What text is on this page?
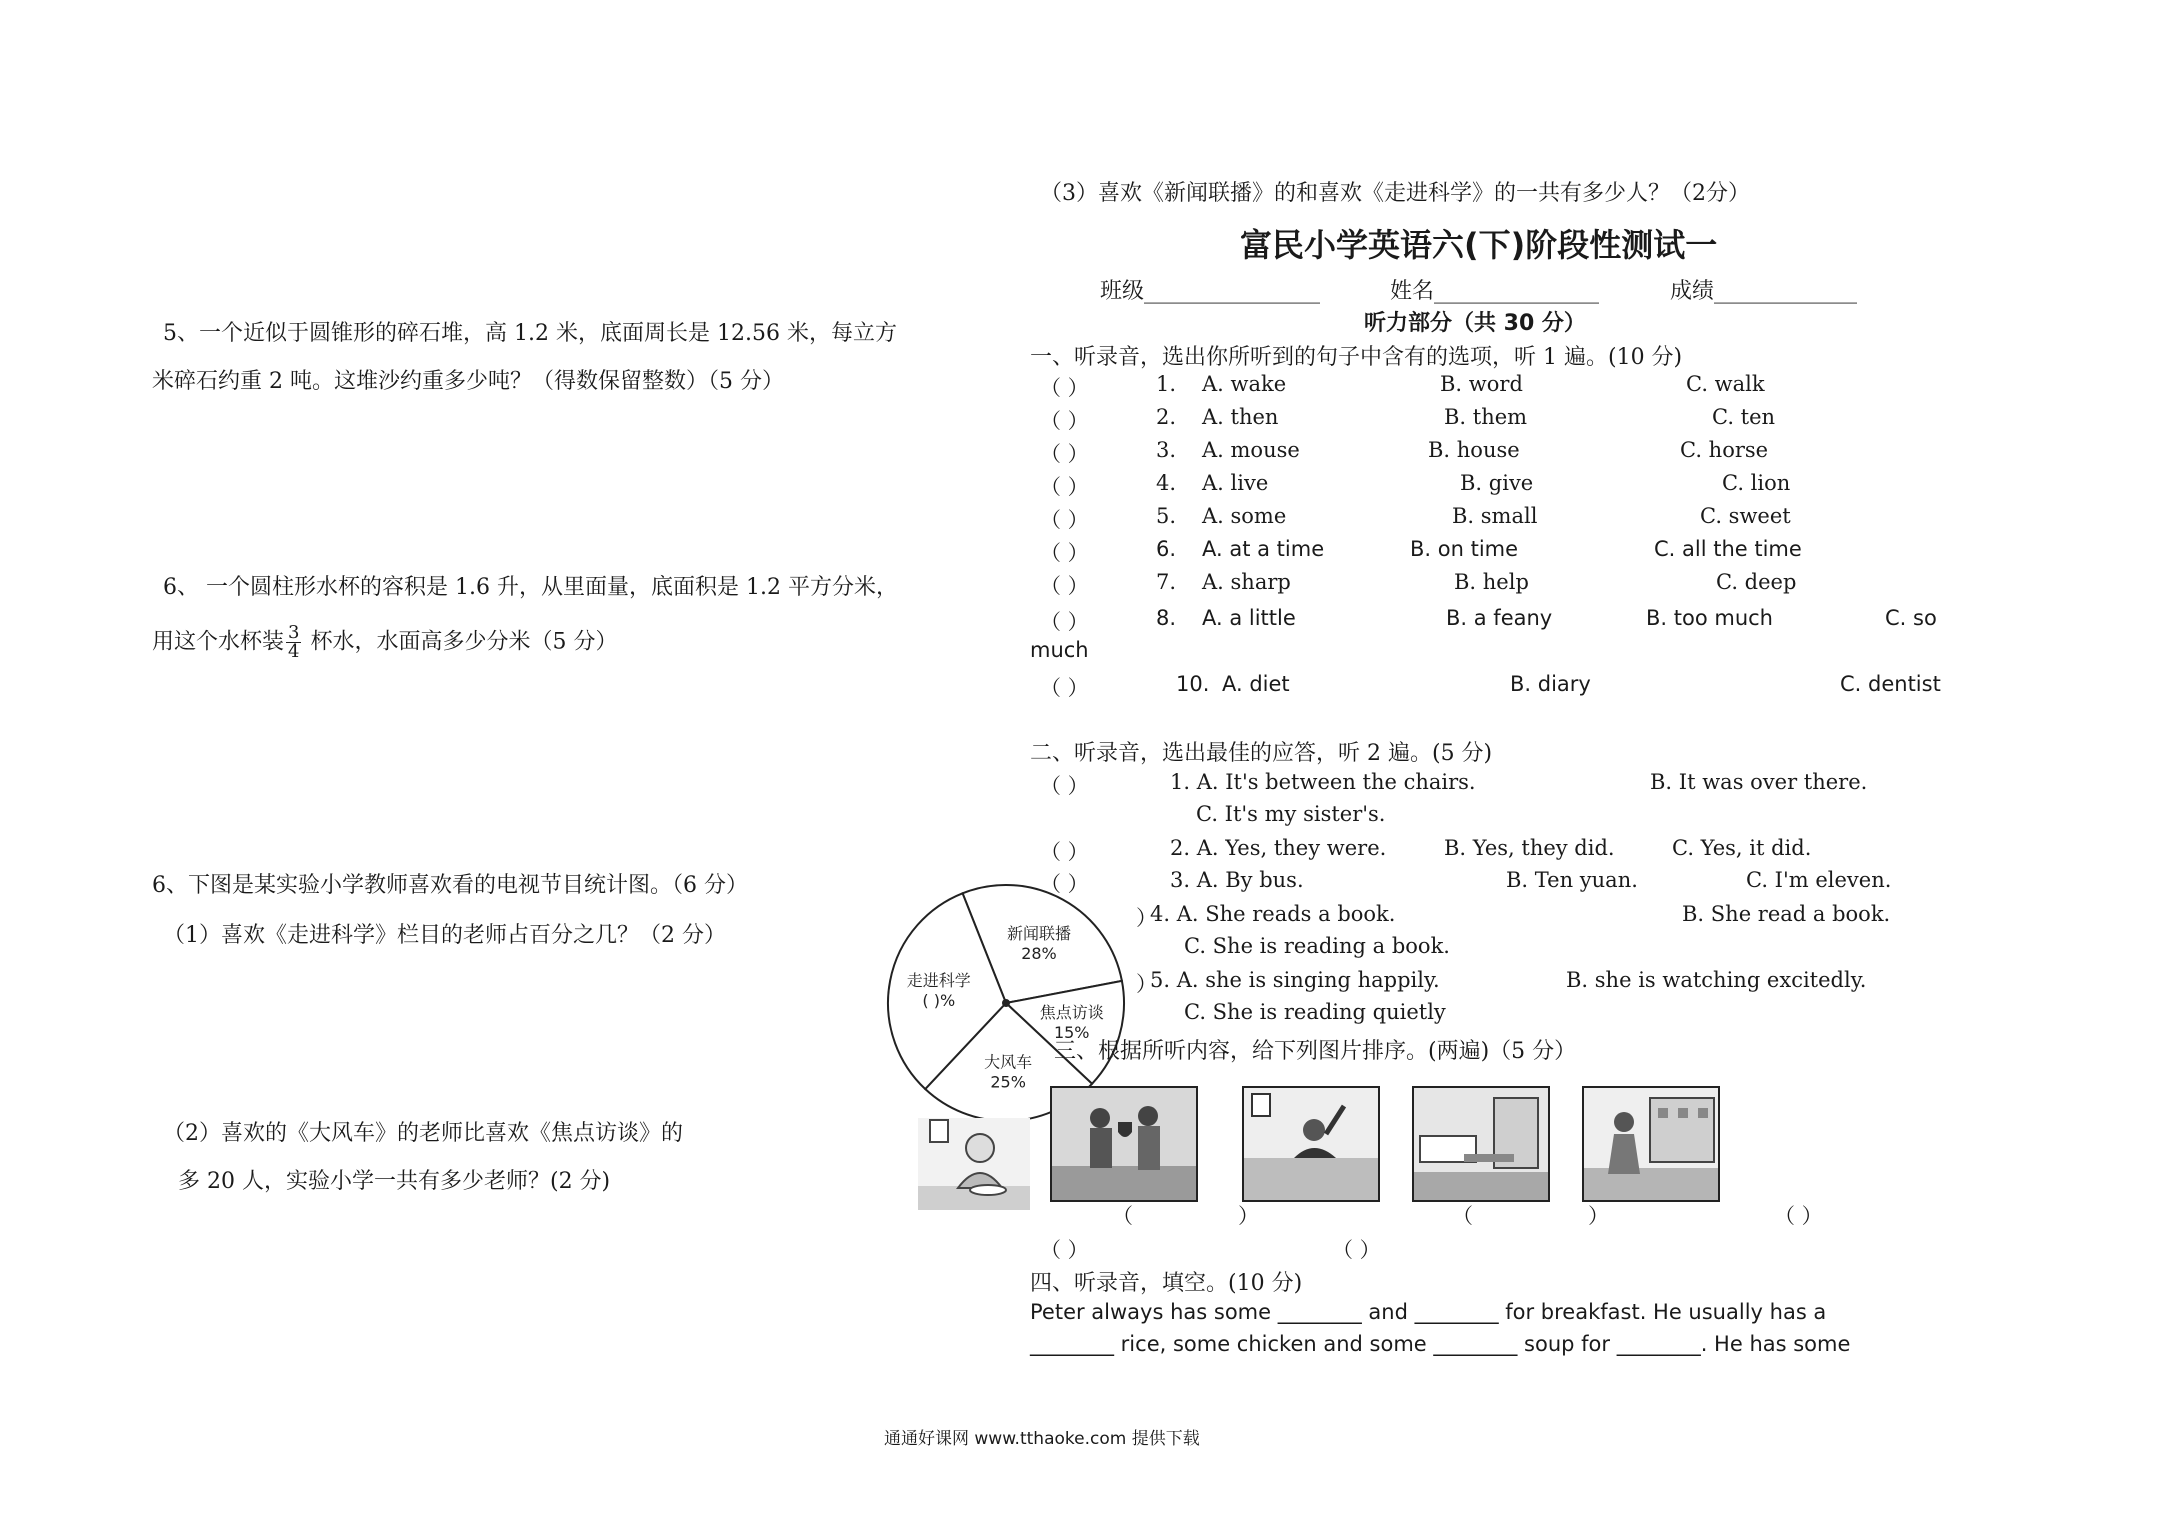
（3）喜欢《新闻联播》的和喜欢《走进科学》的一共有多少人？（2分）
5、一个近似于圆锥形的碎石堆，高 1.2 米，底面周长是 12.56 米，每立方
米碎石约重 2 吨。这堆沙约重多少吨？（得数保留整数）（5 分）
6、 一个圆柱形水杯的容积是 1.6 升，从里面量，底面积是 1.2 平方分米，
用这个水杯装 $\frac{3}{4}$ 杯水，水面高多少分米（5 分）
6、下图是某实验小学教师喜欢看的电视节目统计图。（6 分）
（1）喜欢《走进科学》栏目的老师占百分之几？（2 分）
（2）喜欢的《大风车》的老师比喜欢《焦点访谈》的
多 20 人，实验小学一共有多少老师？(2 分)
新闻联播
28%
焦点访谈
15%
大风车
25%
走进科学
( )%
富民小学英语六(下)阶段性测试一
班级________________	姓名_______________	成绩_____________
听力部分（共 30 分）
一、听录音，选出你所听到的句子中含有的选项，听 1 遍。(10 分)
（ ）	1. A. wake	B. word	C. walk
（ ）	2. A. then	B. them	C. ten
（ ）	3. A. mouse	B. house	C. horse
（ ）	4. A. live	B. give	C. lion
（ ）	5. A. some	B. small	C. sweet
（ ）	6. A. at a time	B. on time	C. all the time
（ ）	7. A. sharp	B. help	C. deep
（ ）	8. A. a little	B. a feany	B. too much	C. so
much
（ ）	10. A. diet	B. diary	C. dentist
二、听录音，选出最佳的应答，听 2 遍。(5 分)
（ ）	1. A. It's between the chairs.	B. It was over there.
C. It's my sister's.
（ ）	2. A. Yes, they were.	B. Yes, they did.	C. Yes, it did.
（ ）	3. A. By bus.	B. Ten yuan.	C. I'm eleven.
）
4. A. She reads a book.	B. She read a book.
C. She is reading a book.
）
5. A. she is singing happily.	B. she is watching excitedly.
C. She is reading quietly
三、根据所听内容，给下列图片排序。(两遍)（5 分）
（	）	（	）	（ ）
（ ）	（ ）
四、听录音，填空。(10 分)
Peter always has some ________ and ________ for breakfast. He usually has a
________ rice, some chicken and some ________ soup for ________. He has some
通通好课网 www.tthaoke.com 提供下载
